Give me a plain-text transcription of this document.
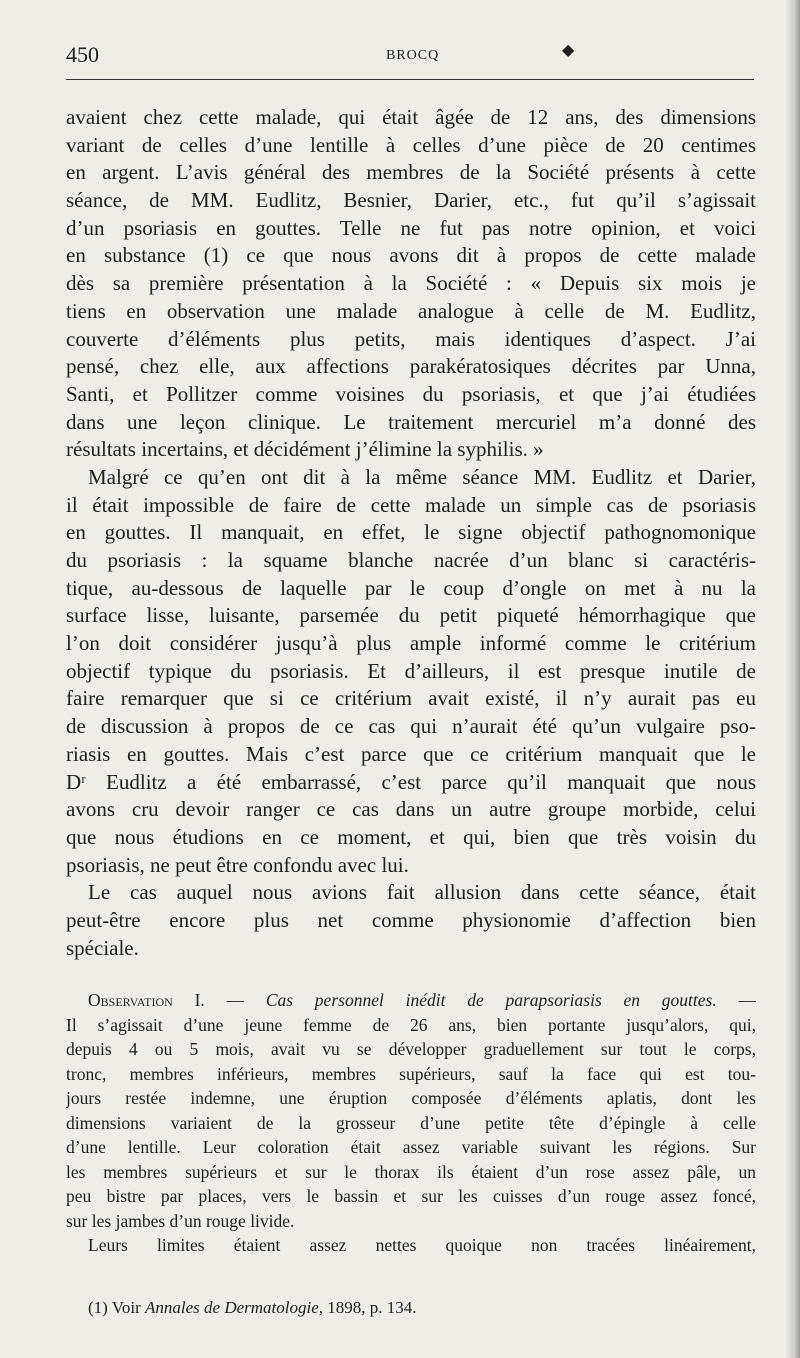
450	BROCQ	◆
avaient chez cette malade, qui était âgée de 12 ans, des dimensions
variant de celles d’une lentille à celles d’une pièce de 20 centimes
en argent. L’avis général des membres de la Société présents à cette
séance, de MM. Eudlitz, Besnier, Darier, etc., fut qu’il s’agissait
d’un psoriasis en gouttes. Telle ne fut pas notre opinion, et voici
en substance (1) ce que nous avons dit à propos de cette malade
dès sa première présentation à la Société : « Depuis six mois je
tiens en observation une malade analogue à celle de M. Eudlitz,
couverte d’éléments plus petits, mais identiques d’aspect. J’ai
pensé, chez elle, aux affections parakératosiques décrites par Unna,
Santi, et Pollitzer comme voisines du psoriasis, et que j’ai étudiées
dans une leçon clinique. Le traitement mercuriel m’a donné des
résultats incertains, et décidément j’élimine la syphilis. »
Malgré ce qu’en ont dit à la même séance MM. Eudlitz et Darier,
il était impossible de faire de cette malade un simple cas de psoriasis
en gouttes. Il manquait, en effet, le signe objectif pathognomonique
du psoriasis : la squame blanche nacrée d’un blanc si caractéris-
tique, au-dessous de laquelle par le coup d’ongle on met à nu la
surface lisse, luisante, parsemée du petit piqueté hémorrhagique que
l’on doit considérer jusqu’à plus ample informé comme le critérium
objectif typique du psoriasis. Et d’ailleurs, il est presque inutile de
faire remarquer que si ce critérium avait existé, il n’y aurait pas eu
de discussion à propos de ce cas qui n’aurait été qu’un vulgaire pso-
riasis en gouttes. Mais c’est parce que ce critérium manquait que le
Dʳ Eudlitz a été embarrassé, c’est parce qu’il manquait que nous
avons cru devoir ranger ce cas dans un autre groupe morbide, celui
que nous étudions en ce moment, et qui, bien que très voisin du
psoriasis, ne peut être confondu avec lui.
Le cas auquel nous avions fait allusion dans cette séance, était
peut-être encore plus net comme physionomie d’affection bien
spéciale.
Observation I. — Cas personnel inédit de parapsoriasis en gouttes. —
Il s’agissait d’une jeune femme de 26 ans, bien portante jusqu’alors, qui,
depuis 4 ou 5 mois, avait vu se développer graduellement sur tout le corps,
tronc, membres inférieurs, membres supérieurs, sauf la face qui est tou-
jours restée indemne, une éruption composée d’éléments aplatis, dont les
dimensions variaient de la grosseur d’une petite tête d’épingle à celle
d’une lentille. Leur coloration était assez variable suivant les régions. Sur
les membres supérieurs et sur le thorax ils étaient d’un rose assez pâle, un
peu bistre par places, vers le bassin et sur les cuisses d’un rouge assez foncé,
sur les jambes d’un rouge livide.
Leurs limites étaient assez nettes quoique non tracées linéairement,
(1) Voir Annales de Dermatologie, 1898, p. 134.
